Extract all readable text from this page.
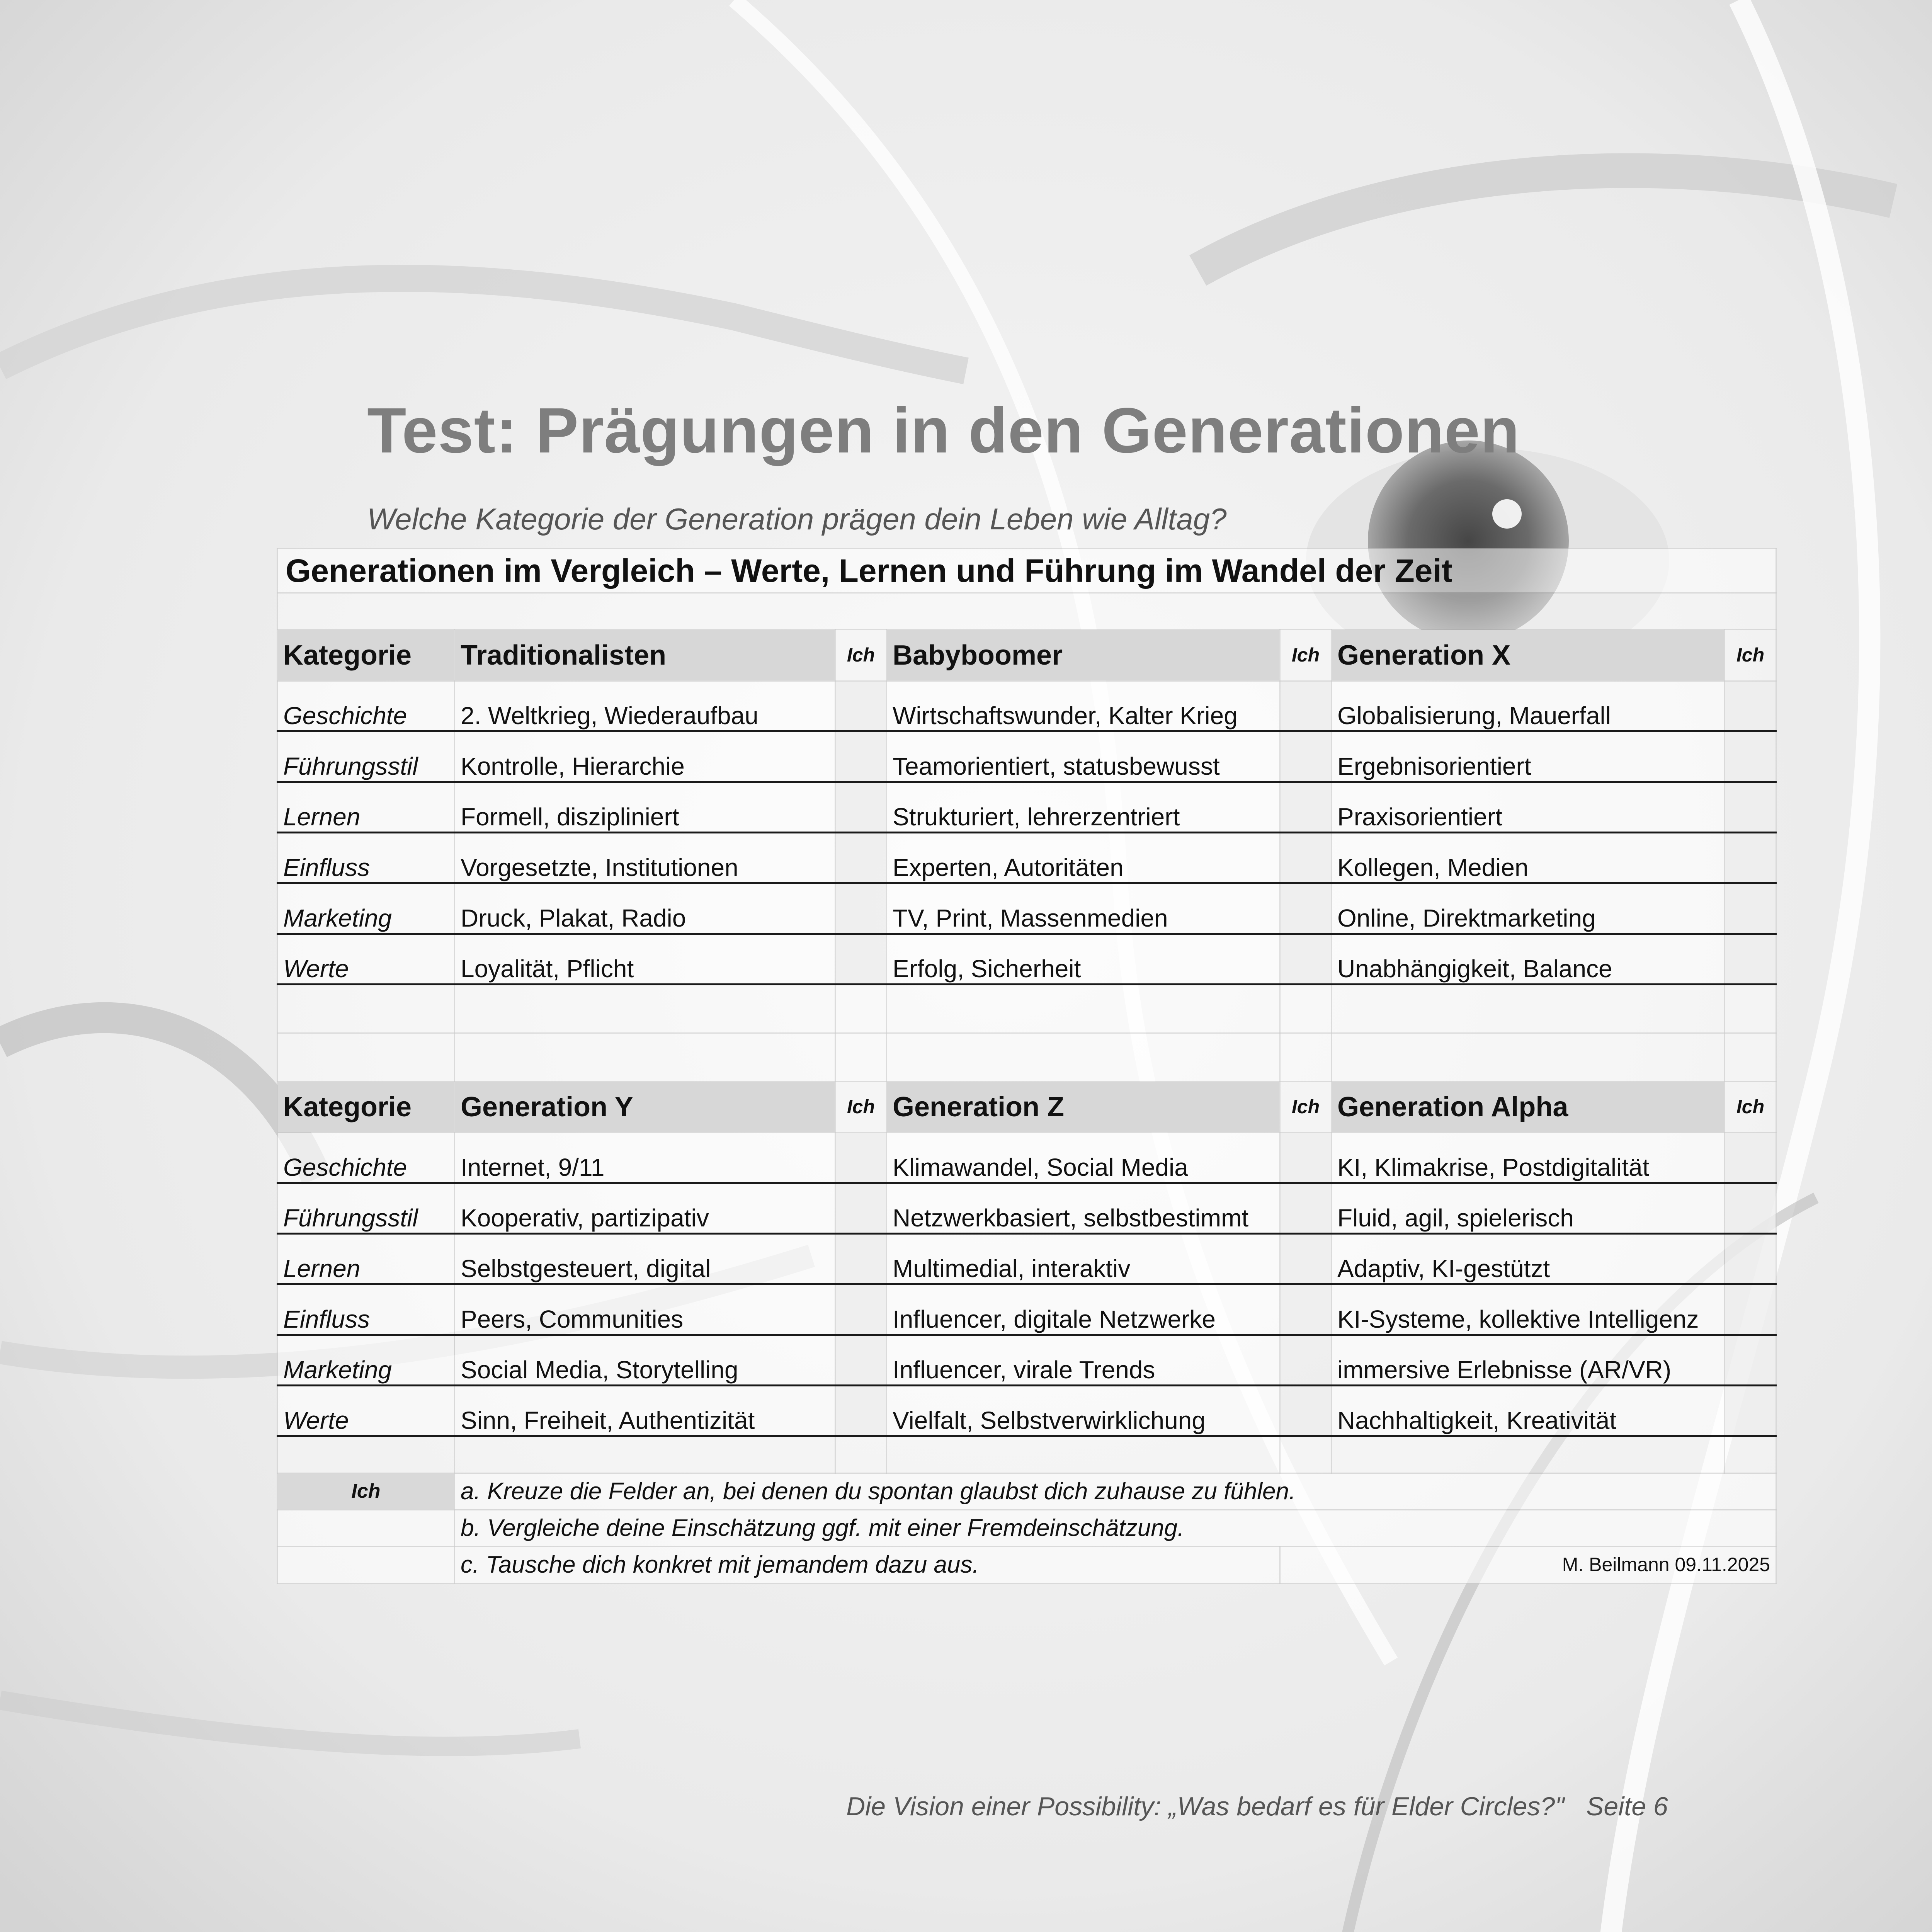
Test: Prägungen in den Generationen
Welche Kategorie der Generation prägen dein Leben wie Alltag?
Generationen im Vergleich – Werte, Lernen und Führung im Wandel der Zeit						

Kategorie	Traditionalisten	Ich	Babyboomer	Ich	Generation X	Ich
Geschichte	2. Weltkrieg, Wiederaufbau		Wirtschaftswunder, Kalter Krieg		Globalisierung, Mauerfall	
Führungsstil	Kontrolle, Hierarchie		Teamorientiert, statusbewusst		Ergebnisorientiert	
Lernen	Formell, diszipliniert		Strukturiert, lehrerzentriert		Praxisorientiert	
Einfluss	Vorgesetzte, Institutionen		Experten, Autoritäten		Kollegen, Medien	
Marketing	Druck, Plakat, Radio		TV, Print, Massenmedien		Online, Direktmarketing	
Werte	Loyalität, Pflicht		Erfolg, Sicherheit		Unabhängigkeit, Balance	

Kategorie	Generation Y	Ich	Generation Z	Ich	Generation Alpha	Ich
Geschichte	Internet, 9/11		Klimawandel, Social Media		KI, Klimakrise, Postdigitalität	
Führungsstil	Kooperativ, partizipativ		Netzwerkbasiert, selbstbestimmt		Fluid, agil, spielerisch	
Lernen	Selbstgesteuert, digital		Multimedial, interaktiv		Adaptiv, KI-gestützt	
Einfluss	Peers, Communities		Influencer, digitale Netzwerke		KI-Systeme, kollektive Intelligenz	
Marketing	Social Media, Storytelling		Influencer, virale Trends		immersive Erlebnisse (AR/VR)	
Werte	Sinn, Freiheit, Authentizität		Vielfalt, Selbstverwirklichung		Nachhaltigkeit, Kreativität	

Ich	a. Kreuze die Felder an, bei denen du spontan glaubst dich zuhause zu fühlen.					
	b. Vergleiche deine Einschätzung ggf. mit einer Fremdeinschätzung.					
	c. Tausche dich konkret mit jemandem dazu aus.			M. Beilmann 09.11.2025		
Die Vision einer Possibility: „Was bedarf es für Elder Circles?" Seite 6
